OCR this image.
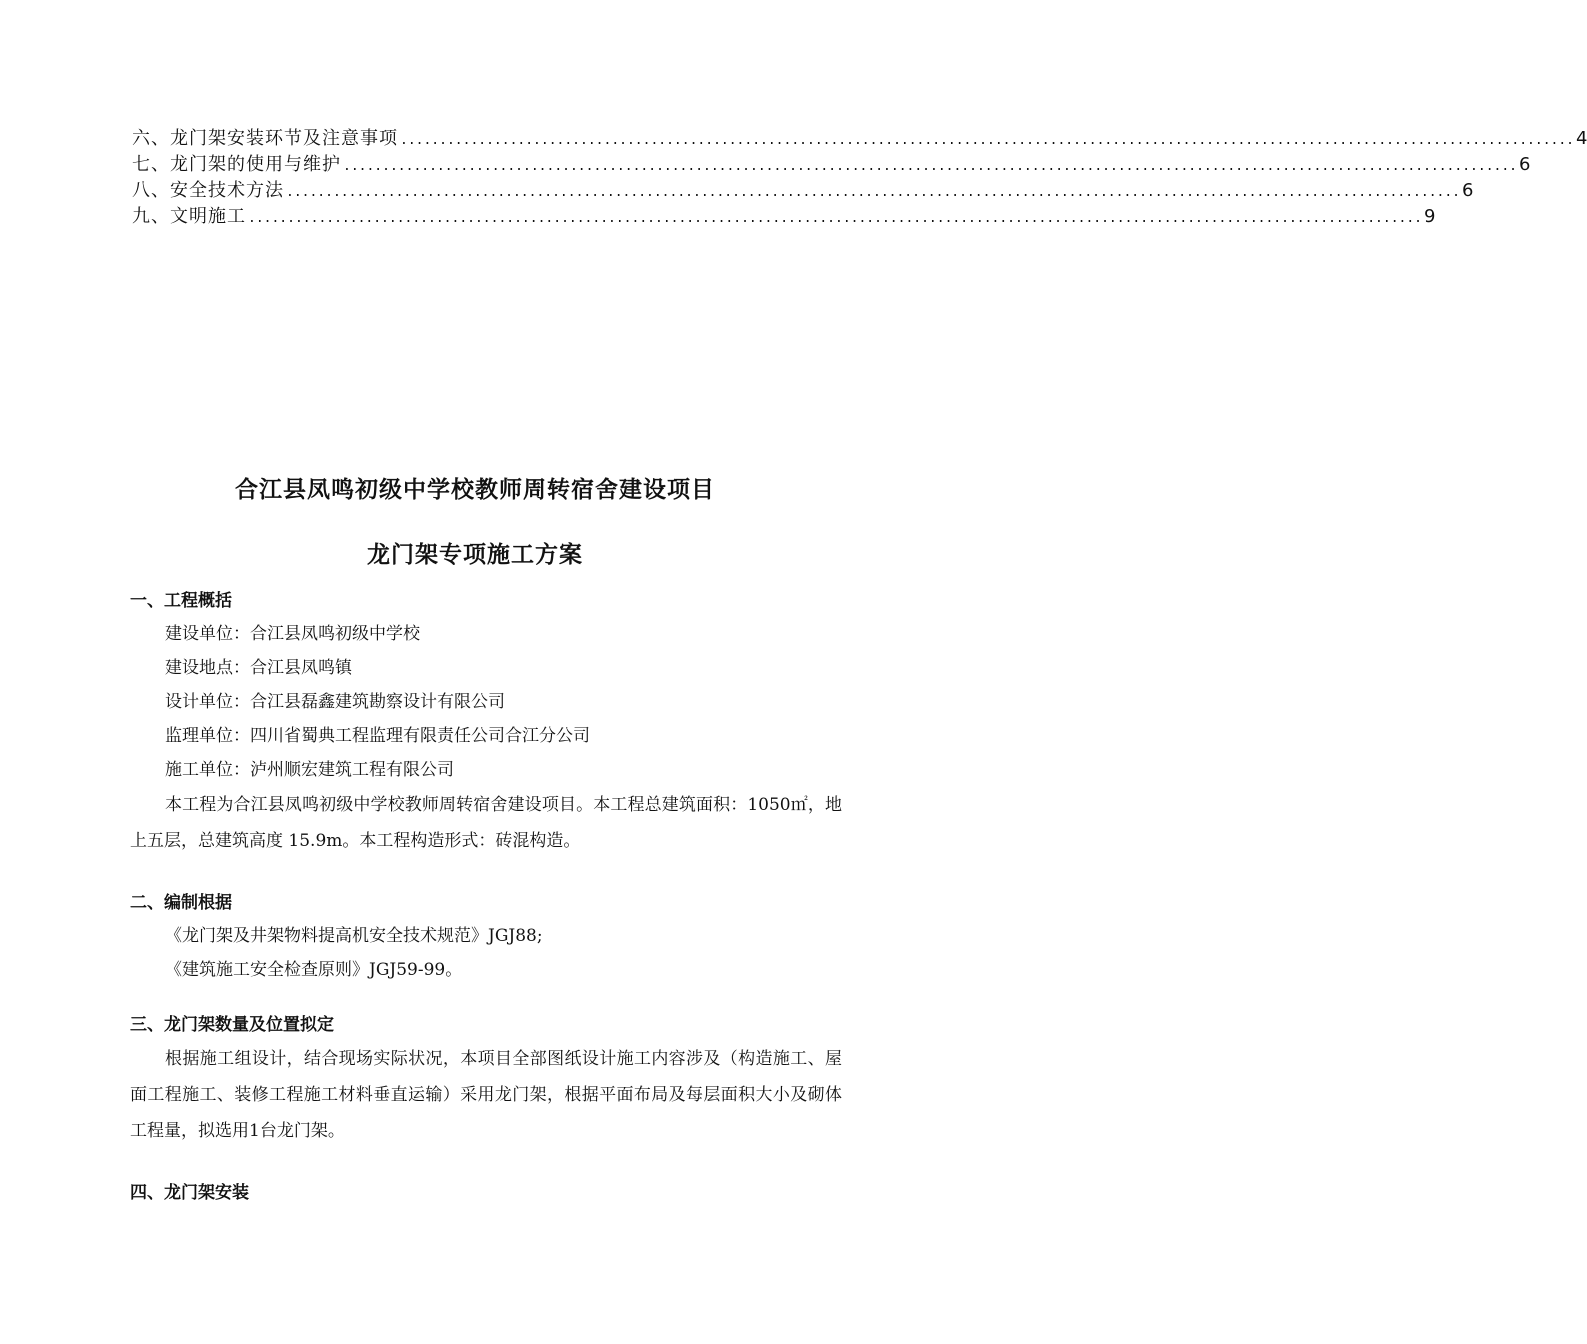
六、龙门架安装环节及注意事项 ...................................................................................................................................................... 4
七、龙门架的使用与维护 ...................................................................................................................................................... 6
八、安全技术方法 ...................................................................................................................................................... 6
九、文明施工 ...................................................................................................................................................... 9
合江县凤鸣初级中学校教师周转宿舍建设项目
龙门架专项施工方案
一、工程概括
建设单位：合江县凤鸣初级中学校
建设地点：合江县凤鸣镇
设计单位：合江县磊鑫建筑勘察设计有限公司
监理单位：四川省蜀典工程监理有限责任公司合江分公司
施工单位：泸州顺宏建筑工程有限公司
本工程为合江县凤鸣初级中学校教师周转宿舍建设项目。本工程总建筑面积：1050㎡，地上五层，总建筑高度 15.9m。本工程构造形式：砖混构造。
二、编制根据
《龙门架及井架物料提高机安全技术规范》JGJ88;
《建筑施工安全检查原则》JGJ59-99。
三、龙门架数量及位置拟定
根据施工组设计，结合现场实际状况，本项目全部图纸设计施工内容涉及（构造施工、屋面工程施工、装修工程施工材料垂直运输）采用龙门架，根据平面布局及每层面积大小及砌体工程量，拟选用1台龙门架。
四、龙门架安装
